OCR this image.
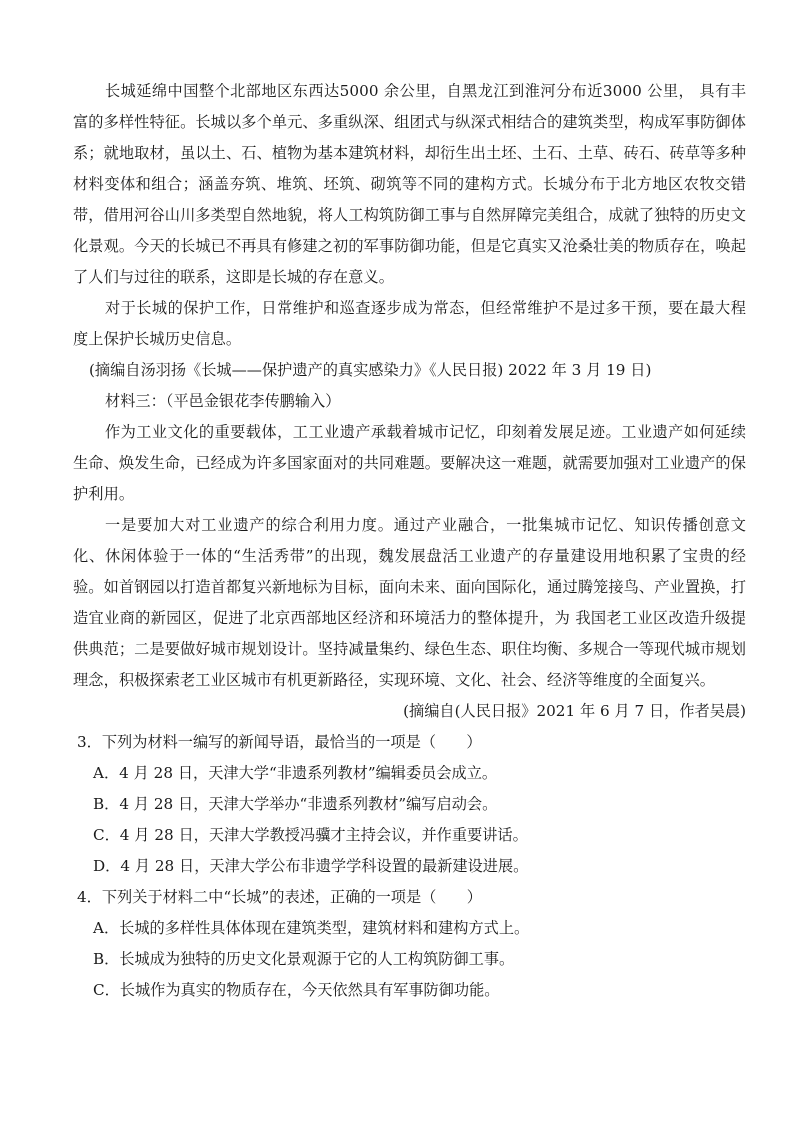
长城延绵中国整个北部地区东西达5000 余公里，自黑龙江到淮河分布近3000 公里， 具有丰富的多样性特征。长城以多个单元、多重纵深、组团式与纵深式相结合的建筑类型，构成军事防御体系；就地取材，虽以土、石、植物为基本建筑材料，却衍生出土坯、土石、土草、砖石、砖草等多种材料变体和组合；涵盖夯筑、堆筑、坯筑、砌筑等不同的建构方式。长城分布于北方地区农牧交错带，借用河谷山川多类型自然地貌，将人工构筑防御工事与自然屏障完美组合，成就了独特的历史文化景观。今天的长城已不再具有修建之初的军事防御功能，但是它真实又沧桑壮美的物质存在，唤起了人们与过往的联系，这即是长城的存在意义。

对于长城的保护工作，日常维护和巡查逐步成为常态，但经常维护不是过多干预，要在最大程度上保护长城历史信息。

(摘编自汤羽扬《长城——保护遗产的真实感染力》《人民日报) 2022 年 3 月 19 日)

材料三：（平邑金银花李传鹏输入）

作为工业文化的重要载体，工工业遗产承载着城市记忆，印刻着发展足迹。工业遗产如何延续生命、焕发生命，已经成为许多国家面对的共同难题。要解决这一难题，就需要加强对工业遗产的保护利用。

一是要加大对工业遗产的综合利用力度。通过产业融合，一批集城市记忆、知识传播创意文化、休闲体验于一体的“生活秀带”的出现，魏发展盘活工业遗产的存量建设用地积累了宝贵的经验。如首钢园以打造首都复兴新地标为目标，面向未来、面向国际化，通过腾笼接鸟、产业置换，打造宜业商的新园区，促进了北京西部地区经济和环境活力的整体提升，为 我国老工业区改造升级提供典范；二是要做好城市规划设计。坚持减量集约、绿色生态、职住均衡、多规合一等现代城市规划理念，积极探索老工业区城市有机更新路径，实现环境、文化、社会、经济等维度的全面复兴。

(摘编自(人民日报》2021 年 6 月 7 日，作者吴晨)

3．下列为材料一编写的新闻导语，最恰当的一项是（　　）

A．4 月 28 日，天津大学“非遗系列教材”编辑委员会成立。

B．4 月 28 日，天津大学举办“非遗系列教材”编写启动会。

C．4 月 28 日，天津大学教授冯骥才主持会议，并作重要讲话。

D．4 月 28 日，天津大学公布非遗学学科设置的最新建设进展。

4．下列关于材料二中“长城”的表述，正确的一项是（　　）

A．长城的多样性具体体现在建筑类型，建筑材料和建构方式上。

B．长城成为独特的历史文化景观源于它的人工构筑防御工事。

C．长城作为真实的物质存在，今天依然具有军事防御功能。
